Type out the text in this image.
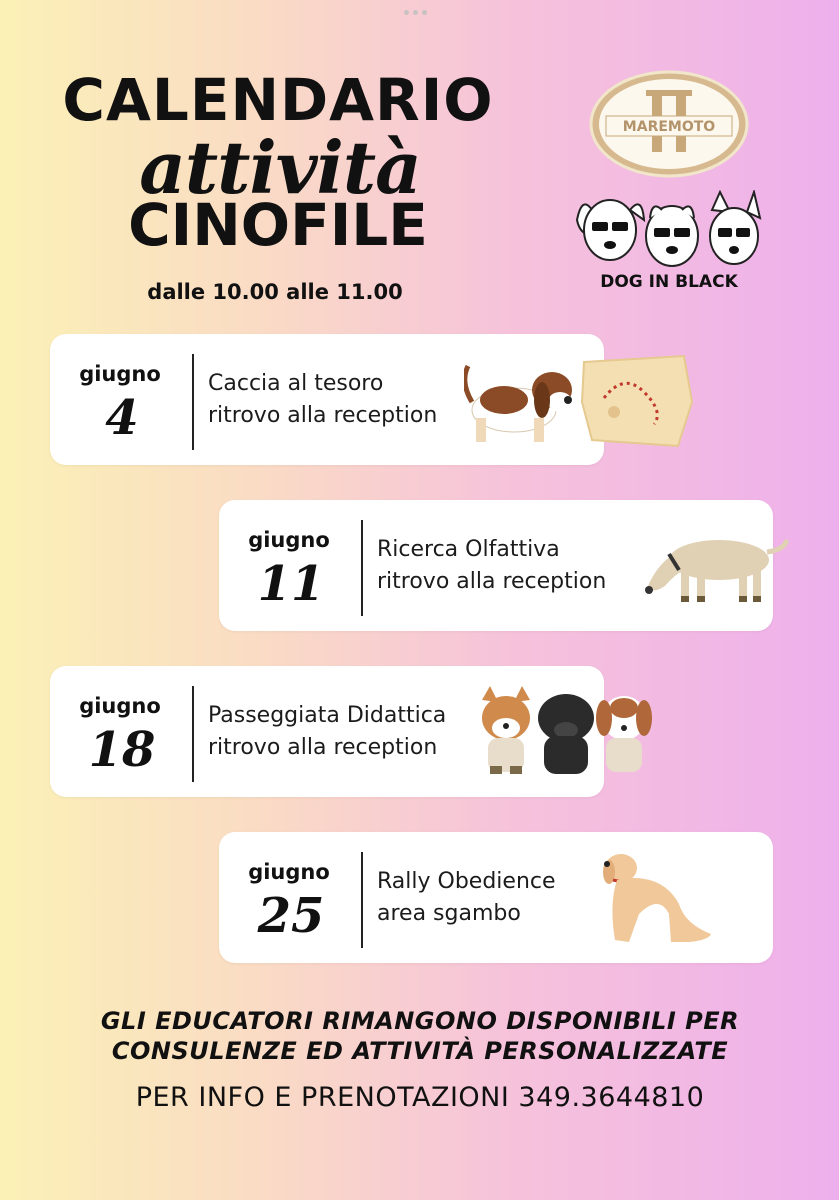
CALENDARIO
attività
CINOFILE
dalle 10.00 alle 11.00
MAREMOTO
DOG IN BLACK
giugno
4
Caccia al tesoro
ritrovo alla reception
giugno
11
Ricerca Olfattiva
ritrovo alla reception
giugno
18
Passeggiata Didattica
ritrovo alla reception
giugno
25
Rally Obedience
area sgambo
GLI EDUCATORI RIMANGONO DISPONIBILI PER
CONSULENZE ED ATTIVITÀ PERSONALIZZATE
PER INFO E PRENOTAZIONI 349.3644810
